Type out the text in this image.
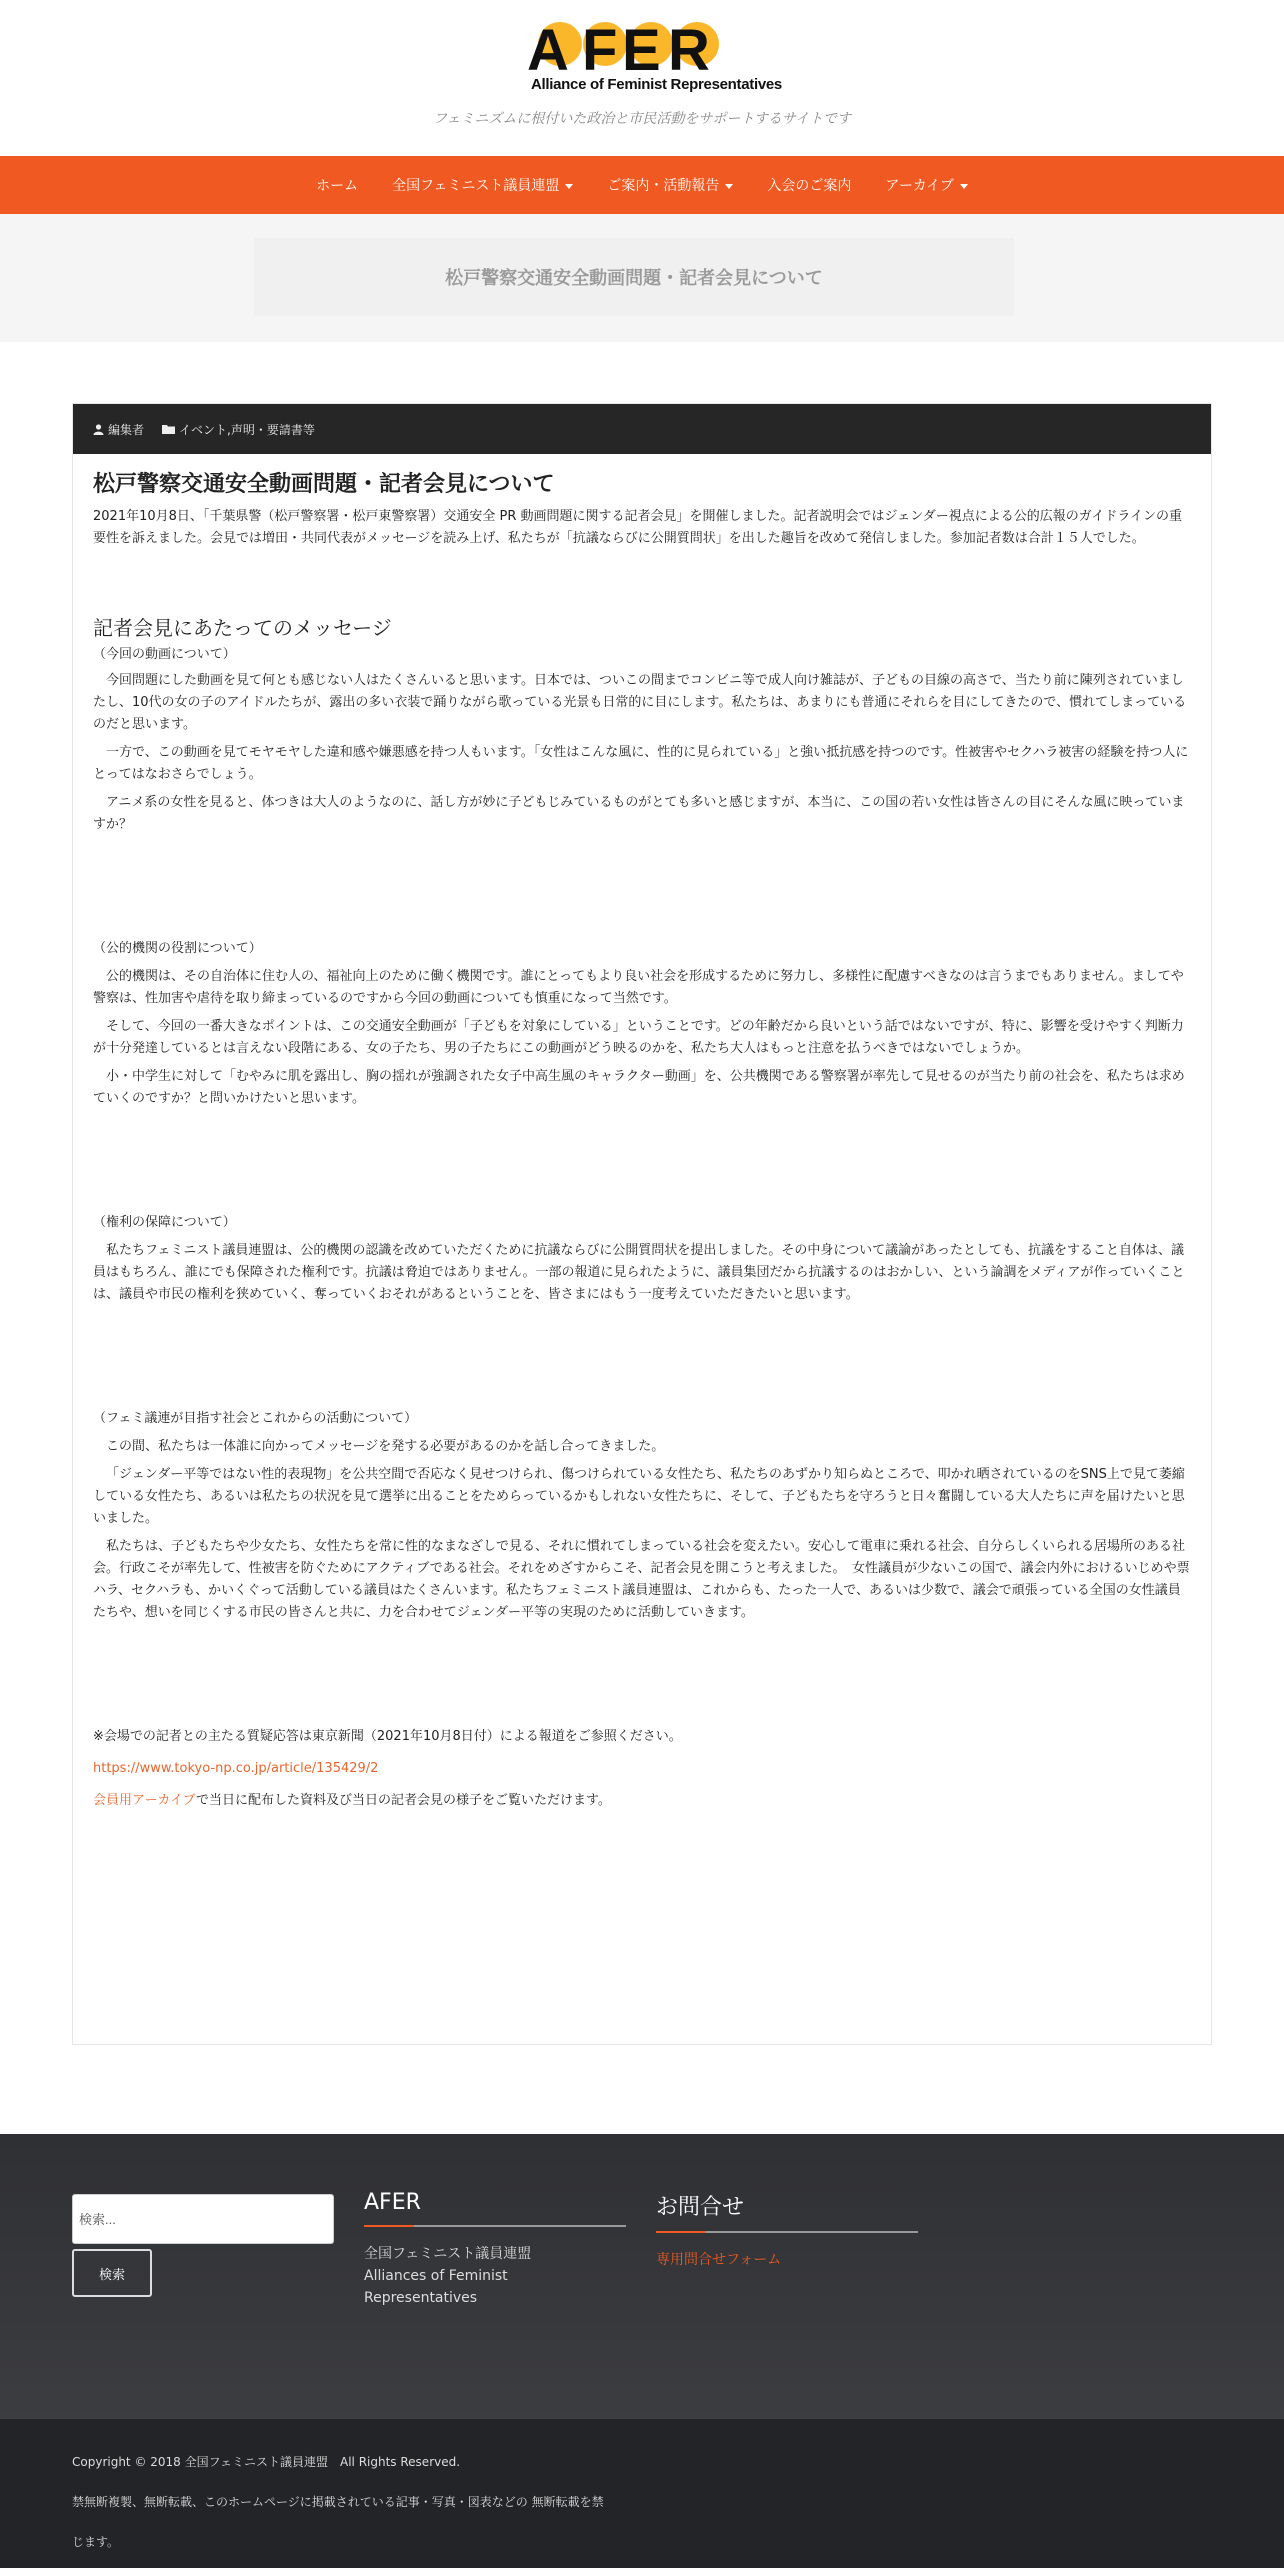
A F E R
Alliance of Feminist Representatives
フェミニズムに根付いた政治と市民活動をサポートするサイトです
ホーム	全国フェミニスト議員連盟	ご案内・活動報告	入会のご案内	アーカイブ
松戸警察交通安全動画問題・記者会見について
編集者	イベント,声明・要請書等
松戸警察交通安全動画問題・記者会見について

2021年10月8日、「千葉県警（松戸警察署・松戸東警察署）交通安全 PR 動画問題に関する記者会見」を開催しました。記者説明会ではジェンダー視点による公的広報のガイドラインの重要性を訴えました。会見では増田・共同代表がメッセージを読み上げ、私たちが「抗議ならびに公開質問状」を出した趣旨を改めて発信しました。参加記者数は合計１５人でした。

記者会見にあたってのメッセージ

（今回の動画について）

今回問題にした動画を見て何とも感じない人はたくさんいると思います。日本では、ついこの間までコンビニ等で成人向け雑誌が、子どもの目線の高さで、当たり前に陳列されていましたし、10代の女の子のアイドルたちが、露出の多い衣装で踊りながら歌っている光景も日常的に目にします。私たちは、あまりにも普通にそれらを目にしてきたので、慣れてしまっているのだと思います。

一方で、この動画を見てモヤモヤした違和感や嫌悪感を持つ人もいます。「女性はこんな風に、性的に見られている」と強い抵抗感を持つのです。性被害やセクハラ被害の経験を持つ人にとってはなおさらでしょう。

アニメ系の女性を見ると、体つきは大人のようなのに、話し方が妙に子どもじみているものがとても多いと感じますが、本当に、この国の若い女性は皆さんの目にそんな風に映っていますか？

（公的機関の役割について）

公的機関は、その自治体に住む人の、福祉向上のために働く機関です。誰にとってもより良い社会を形成するために努力し、多様性に配慮すべきなのは言うまでもありません。ましてや警察は、性加害や虐待を取り締まっているのですから今回の動画についても慎重になって当然です。

そして、今回の一番大きなポイントは、この交通安全動画が「子どもを対象にしている」ということです。どの年齢だから良いという話ではないですが、特に、影響を受けやすく判断力が十分発達しているとは言えない段階にある、女の子たち、男の子たちにこの動画がどう映るのかを、私たち大人はもっと注意を払うべきではないでしょうか。

小・中学生に対して「むやみに肌を露出し、胸の揺れが強調された女子中高生風のキャラクター動画」を、公共機関である警察署が率先して見せるのが当たり前の社会を、私たちは求めていくのですか？と問いかけたいと思います。

（権利の保障について）

私たちフェミニスト議員連盟は、公的機関の認識を改めていただくために抗議ならびに公開質問状を提出しました。その中身について議論があったとしても、抗議をすること自体は、議員はもちろん、誰にでも保障された権利です。抗議は脅迫ではありません。一部の報道に見られたように、議員集団だから抗議するのはおかしい、という論調をメディアが作っていくことは、議員や市民の権利を狭めていく、奪っていくおそれがあるということを、皆さまにはもう一度考えていただきたいと思います。

（フェミ議連が目指す社会とこれからの活動について）

この間、私たちは一体誰に向かってメッセージを発する必要があるのかを話し合ってきました。

「ジェンダー平等ではない性的表現物」を公共空間で否応なく見せつけられ、傷つけられている女性たち、私たちのあずかり知らぬところで、叩かれ晒されているのをSNS上で見て萎縮している女性たち、あるいは私たちの状況を見て選挙に出ることをためらっているかもしれない女性たちに、そして、子どもたちを守ろうと日々奮闘している大人たちに声を届けたいと思いました。

私たちは、子どもたちや少女たち、女性たちを常に性的なまなざしで見る、それに慣れてしまっている社会を変えたい。安心して電車に乗れる社会、自分らしくいられる居場所のある社会。行政こそが率先して、性被害を防ぐためにアクティブである社会。それをめざすからこそ、記者会見を開こうと考えました。　女性議員が少ないこの国で、議会内外におけるいじめや票ハラ、セクハラも、かいくぐって活動している議員はたくさんいます。私たちフェミニスト議員連盟は、これからも、たった一人で、あるいは少数で、議会で頑張っている全国の女性議員たちや、想いを同じくする市民の皆さんと共に、力を合わせてジェンダー平等の実現のために活動していきます。

※会場での記者との主たる質疑応答は東京新聞（2021年10月8日付）による報道をご参照ください。

https://www.tokyo-np.co.jp/article/135429/2

会員用アーカイブで当日に配布した資料及び当日の記者会見の様子をご覧いただけます。

検索...
検索
AFER
全国フェミニスト議員連盟
Alliances of Feminist
Representatives
お問合せ
専用問合せフォーム

Copyright © 2018 全国フェミニスト議員連盟　All Rights Reserved.

禁無断複製、無断転載、このホームページに掲載されている記事・写真・図表などの 無断転載を禁

じます。
